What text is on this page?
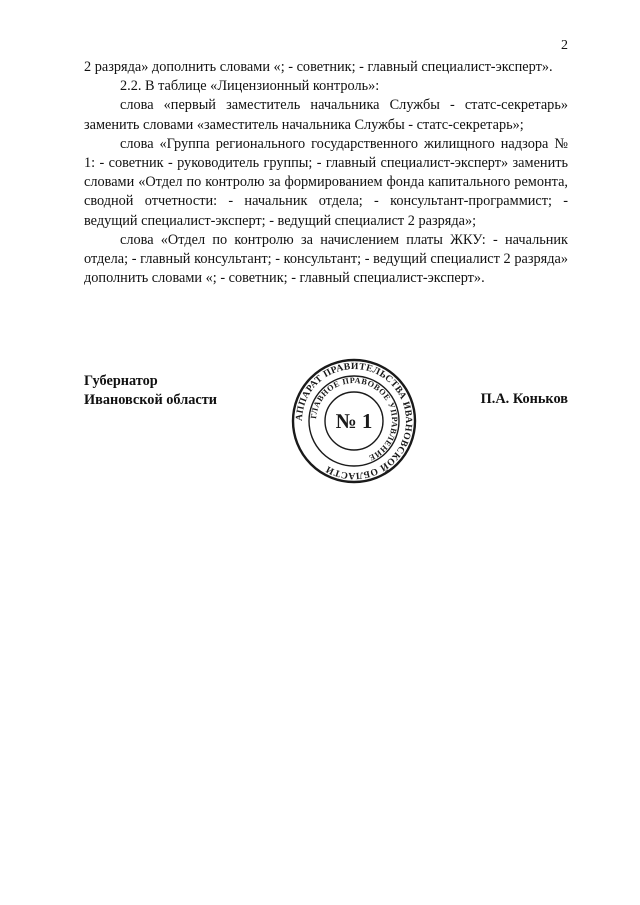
2

2 разряда» дополнить словами «; - советник; - главный специалист-эксперт».

2.2. В таблице «Лицензионный контроль»:

слова «первый заместитель начальника Службы - статс-секретарь» заменить словами «заместитель начальника Службы - статс-секретарь»;

слова «Группа регионального государственного жилищного надзора № 1: - советник - руководитель группы; - главный специалист-эксперт» заменить словами «Отдел по контролю за формированием фонда капитального ремонта, сводной отчетности: - начальник отдела; - консультант-программист; - ведущий специалист-эксперт; - ведущий специалист 2 разряда»;

слова «Отдел по контролю за начислением платы ЖКУ: - начальник отдела; - главный консультант; - консультант; - ведущий специалист 2 разряда» дополнить словами «; - советник; - главный специалист-эксперт».

Губернатор
Ивановской области
АППАРАТ ПРАВИТЕЛЬСТВА ИВАНОВСКОЙ ОБЛАСТИ
ГЛАВНОЕ ПРАВОВОЕ УПРАВЛЕНИЕ
№ 1
П.А. Коньков
